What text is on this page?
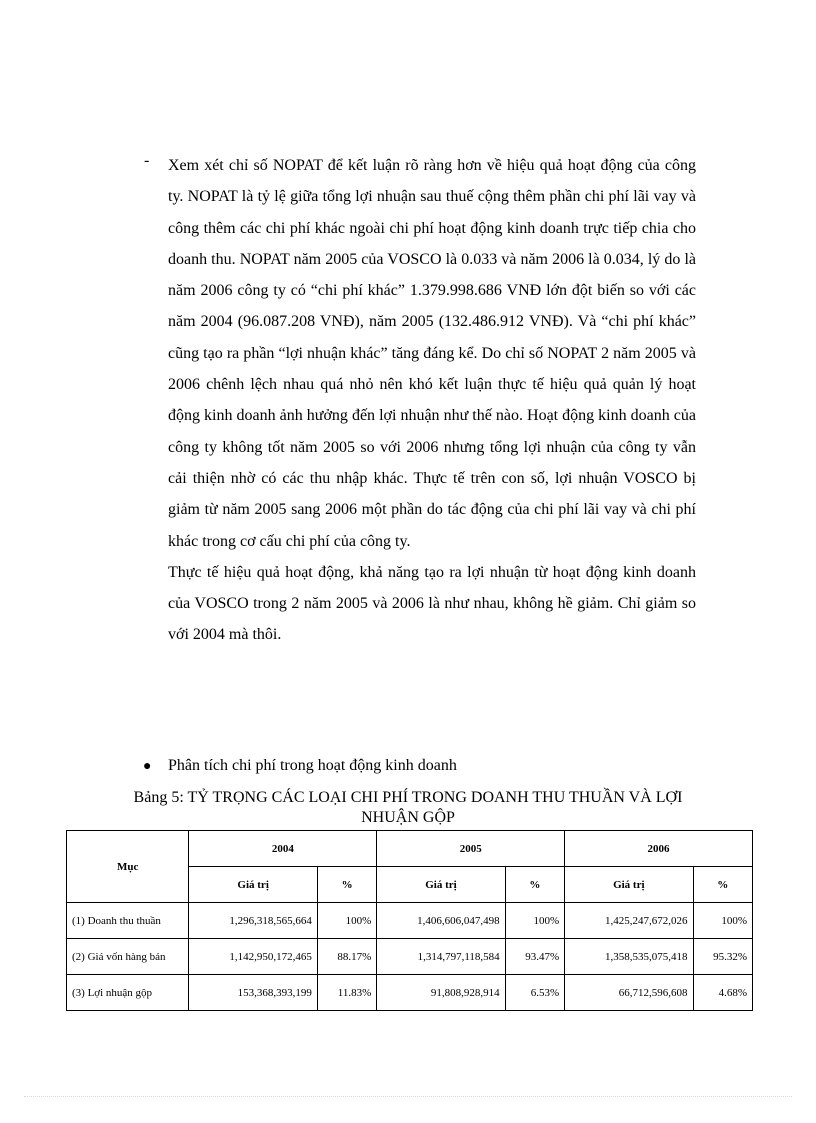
- Xem xét chỉ số NOPAT để kết luận rõ ràng hơn về hiệu quả hoạt động của công ty. NOPAT là tỷ lệ giữa tổng lợi nhuận sau thuế cộng thêm phần chi phí lãi vay và công thêm các chi phí khác ngoài chi phí hoạt động kinh doanh trực tiếp chia cho doanh thu. NOPAT năm 2005 của VOSCO là 0.033 và năm 2006 là 0.034, lý do là năm 2006 công ty có “chi phí khác” 1.379.998.686 VNĐ lớn đột biến so với các năm 2004 (96.087.208 VNĐ), năm 2005 (132.486.912 VNĐ). Và “chi phí khác” cũng tạo ra phần “lợi nhuận khác” tăng đáng kể. Do chỉ số NOPAT 2 năm 2005 và 2006 chênh lệch nhau quá nhỏ nên khó kết luận thực tế hiệu quả quản lý hoạt động kinh doanh ảnh hưởng đến lợi nhuận như thế nào. Hoạt động kinh doanh của công ty không tốt năm 2005 so với 2006 nhưng tổng lợi nhuận của công ty vẫn cải thiện nhờ có các thu nhập khác. Thực tế trên con số, lợi nhuận VOSCO bị giảm từ năm 2005 sang 2006 một phần do tác động của chi phí lãi vay và chi phí khác trong cơ cấu chi phí của công ty.

Thực tế hiệu quả hoạt động, khả năng tạo ra lợi nhuận từ hoạt động kinh doanh của VOSCO trong 2 năm 2005 và 2006 là như nhau, không hề giảm. Chỉ giảm so với 2004 mà thôi.

● Phân tích chi phí trong hoạt động kinh doanh
Bảng 5: TỶ TRỌNG CÁC LOẠI CHI PHÍ TRONG DOANH THU THUẦN VÀ LỢI NHUẬN GỘP
Mục	2004		2005		2006	
	Giá trị	%	Giá trị	%	Giá trị	%
(1) Doanh thu thuần	1,296,318,565,664	100%	1,406,606,047,498	100%	1,425,247,672,026	100%
(2) Giá vốn hàng bán	1,142,950,172,465	88.17%	1,314,797,118,584	93.47%	1,358,535,075,418	95.32%
(3) Lợi nhuận gộp	153,368,393,199	11.83%	91,808,928,914	6.53%	66,712,596,608	4.68%
